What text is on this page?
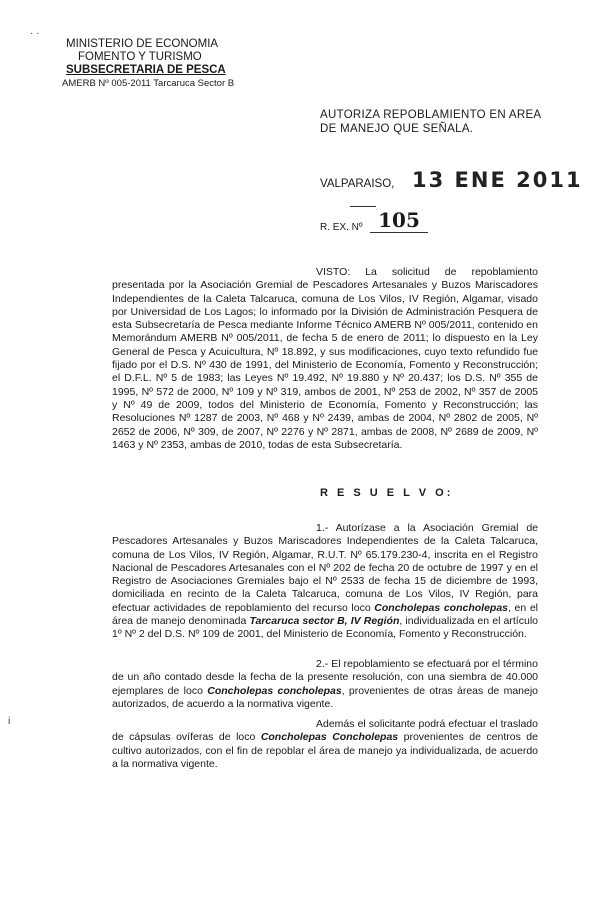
· ·
MINISTERIO DE ECONOMIA
FOMENTO Y TURISMO
SUBSECRETARIA DE PESCA
AMERB Nº 005-2011 Tarcaruca Sector B
AUTORIZA REPOBLAMIENTO EN AREA
DE MANEJO QUE SEÑALA.
VALPARAISO, 13 ENE 2011
R. EX. Nº 105
VISTO: La solicitud de repoblamiento presentada por la Asociación Gremial de Pescadores Artesanales y Buzos Mariscadores Independientes de la Caleta Talcaruca, comuna de Los Vilos, IV Región, Algamar, visado por Universidad de Los Lagos; lo informado por la División de Administración Pesquera de esta Subsecretaría de Pesca mediante Informe Técnico AMERB Nº 005/2011, contenido en Memorándum AMERB Nº 005/2011, de fecha 5 de enero de 2011; lo dispuesto en la Ley General de Pesca y Acuicultura, Nº 18.892, y sus modificaciones, cuyo texto refundido fue fijado por el D.S. Nº 430 de 1991, del Ministerio de Economía, Fomento y Reconstrucción; el D.F.L. Nº 5 de 1983; las Leyes Nº 19.492, Nº 19.880 y Nº 20.437; los D.S. Nº 355 de 1995, Nº 572 de 2000, Nº 109 y Nº 319, ambos de 2001, Nº 253 de 2002, Nº 357 de 2005 y Nº 49 de 2009, todos del Ministerio de Economía, Fomento y Reconstrucción; las Resoluciones Nº 1287 de 2003, Nº 468 y Nº 2439, ambas de 2004, Nº 2802 de 2005, Nº 2652 de 2006, Nº 309, de 2007, Nº 2276 y Nº 2871, ambas de 2008, Nº 2689 de 2009, Nº 1463 y Nº 2353, ambas de 2010, todas de esta Subsecretaría.
R E S U E L V O:
1.- Autorízase a la Asociación Gremial de Pescadores Artesanales y Buzos Mariscadores Independientes de la Caleta Talcaruca, comuna de Los Vilos, IV Región, Algamar, R.U.T. Nº 65.179.230-4, inscrita en el Registro Nacional de Pescadores Artesanales con el Nº 202 de fecha 20 de octubre de 1997 y en el Registro de Asociaciones Gremiales bajo el Nº 2533 de fecha 15 de diciembre de 1993, domiciliada en recinto de la Caleta Talcaruca, comuna de Los Vilos, IV Región, para efectuar actividades de repoblamiento del recurso loco Concholepas concholepas, en el área de manejo denominada Tarcaruca sector B, IV Región, individualizada en el artículo 1º Nº 2 del D.S. Nº 109 de 2001, del Ministerio de Economía, Fomento y Reconstrucción.
2.- El repoblamiento se efectuará por el término de un año contado desde la fecha de la presente resolución, con una siembra de 40.000 ejemplares de loco Concholepas concholepas, provenientes de otras áreas de manejo autorizados, de acuerdo a la normativa vigente.
Además el solicitante podrá efectuar el traslado de cápsulas ovíferas de loco Concholepas Concholepas provenientes de centros de cultivo autorizados, con el fin de repoblar el área de manejo ya individualizada, de acuerdo a la normativa vigente.
i
